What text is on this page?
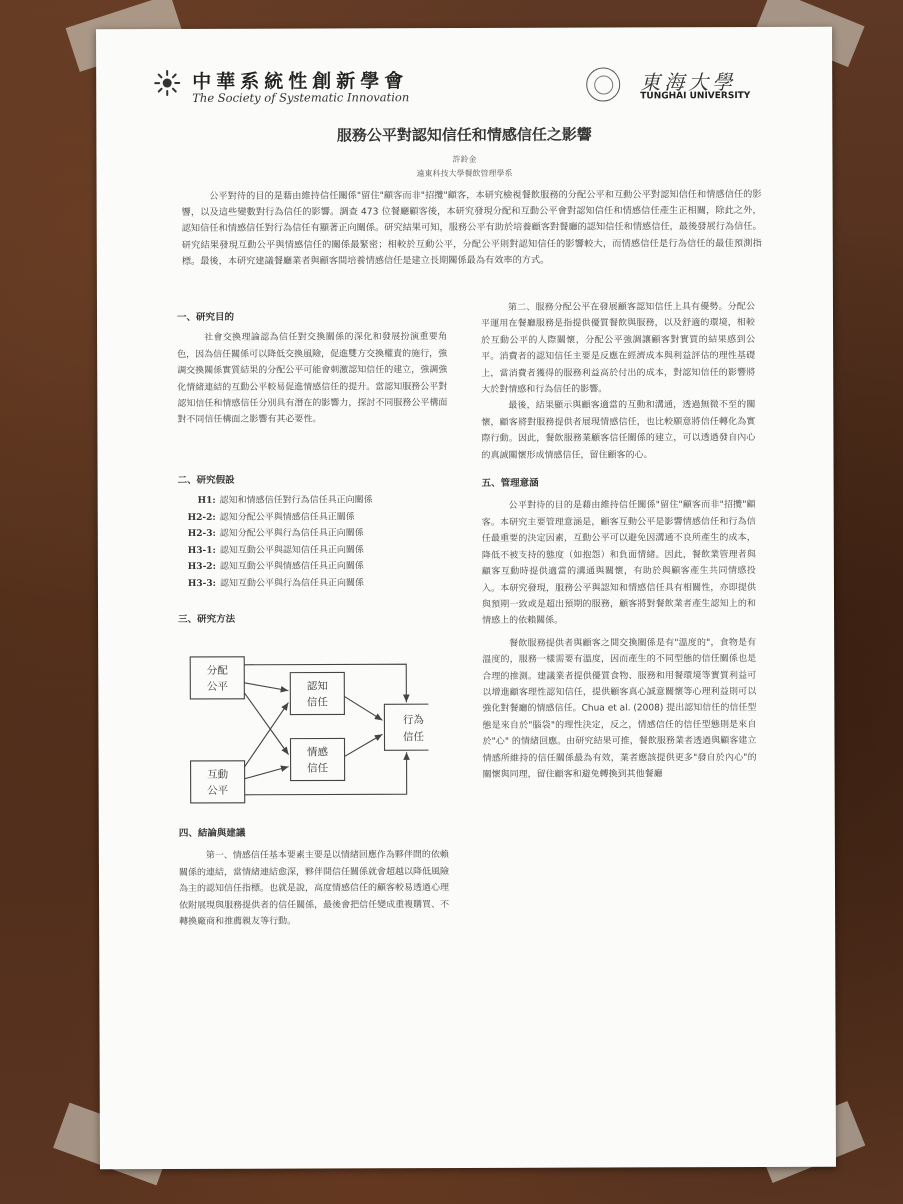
中華系統性創新學會
The Society of Systematic Innovation
東海大學
TUNGHAI UNIVERSITY
服務公平對認知信任和情感信任之影響
許鈴金
遠東科技大學餐飲管理學系

公平對待的目的是藉由維持信任關係"留住"顧客而非"招攬"顧客，本研究檢視餐飲服務的分配公平和互動公平對認知信任和情感信任的影響，以及這些變數對行為信任的影響。調查 473 位餐廳顧客後，本研究發現分配和互動公平會對認知信任和情感信任產生正相關，除此之外，認知信任和情感信任對行為信任有顯著正向關係。研究結果可知，服務公平有助於培養顧客對餐廳的認知信任和情感信任，最後發展行為信任。研究結果發現互動公平與情感信任的關係最緊密；相較於互動公平，分配公平則對認知信任的影響較大，而情感信任是行為信任的最佳預測指標。最後，本研究建議餐廳業者與顧客間培養情感信任是建立長期關係最為有效率的方式。

一、研究目的

社會交換理論認為信任對交換關係的深化和發展扮演重要角色，因為信任關係可以降低交換風險，促進雙方交換權責的施行，強調交換關係實質結果的分配公平可能會刺激認知信任的建立，強調強化情緒連結的互動公平較易促進情感信任的提升。當認知服務公平對認知信任和情感信任分別具有潛在的影響力，探討不同服務公平構面對不同信任構面之影響有其必要性。

二、研究假設
H1: 認知和情感信任對行為信任具正向關係
H2-2: 認知分配公平與情感信任具正關係
H2-3: 認知分配公平與行為信任具正向關係
H3-1: 認知互動公平與認知信任具正向關係
H3-2: 認知互動公平與情感信任具正向關係
H3-3: 認知互動公平與行為信任具正向關係
三、研究方法
分配
公平
互動
公平
認知
信任
情感
信任
行為
信任
四、結論與建議

第一、情感信任基本要素主要是以情緒回應作為夥伴間的依賴關係的連結，當情緒連結愈深，夥伴間信任關係就會超越以降低風險為主的認知信任指標。也就是說，高度情感信任的顧客較易透過心理依附展現與服務提供者的信任關係，最後會把信任變成重複購買、不轉換廠商和推薦親友等行動。

第二、服務分配公平在發展顧客認知信任上具有優勢。分配公平運用在餐廳服務是指提供優質餐飲與服務，以及舒適的環境，相較於互動公平的人際關懷，分配公平強調讓顧客對實質的結果感到公平。消費者的認知信任主要是反應在經濟成本與利益評估的理性基礎上，當消費者獲得的服務利益高於付出的成本，對認知信任的影響將大於對情感和行為信任的影響。

最後，結果顯示與顧客適當的互動和溝通，透過無微不至的關懷，顧客將對服務提供者展現情感信任，也比較願意將信任轉化為實際行動。因此，餐飲服務業顧客信任關係的建立，可以透過發自內心的真誠關懷形成情感信任，留住顧客的心。

五、管理意涵

公平對待的目的是藉由維持信任關係"留住"顧客而非"招攬"顧客。本研究主要管理意涵是，顧客互動公平是影響情感信任和行為信任最重要的決定因素，互動公平可以避免因溝通不良所產生的成本，降低不被支持的態度（如抱怨）和負面情緒。因此，餐飲業管理者與顧客互動時提供適當的溝通與關懷，有助於與顧客產生共同情感投入。本研究發現，服務公平與認知和情感信任具有相關性，亦即提供與預期一致或是超出預期的服務，顧客將對餐飲業者產生認知上的和情感上的依賴關係。

餐飲服務提供者與顧客之間交換關係是有"溫度的"，食物是有溫度的，服務一樣需要有溫度，因而產生的不同型態的信任關係也是合理的推測。建議業者提供優質食物、服務和用餐環境等實質利益可以增進顧客理性認知信任，提供顧客真心誠意關懷等心理利益則可以強化對餐廳的情感信任。Chua et al. (2008) 提出認知信任的信任型態是來自於"腦袋"的理性決定，反之，情感信任的信任型態則是來自於"心" 的情緒回應。由研究結果可推，餐飲服務業者透過與顧客建立情感所維持的信任關係最為有效，業者應該提供更多"發自於內心"的關懷與同理，留住顧客和避免轉換到其他餐廳
